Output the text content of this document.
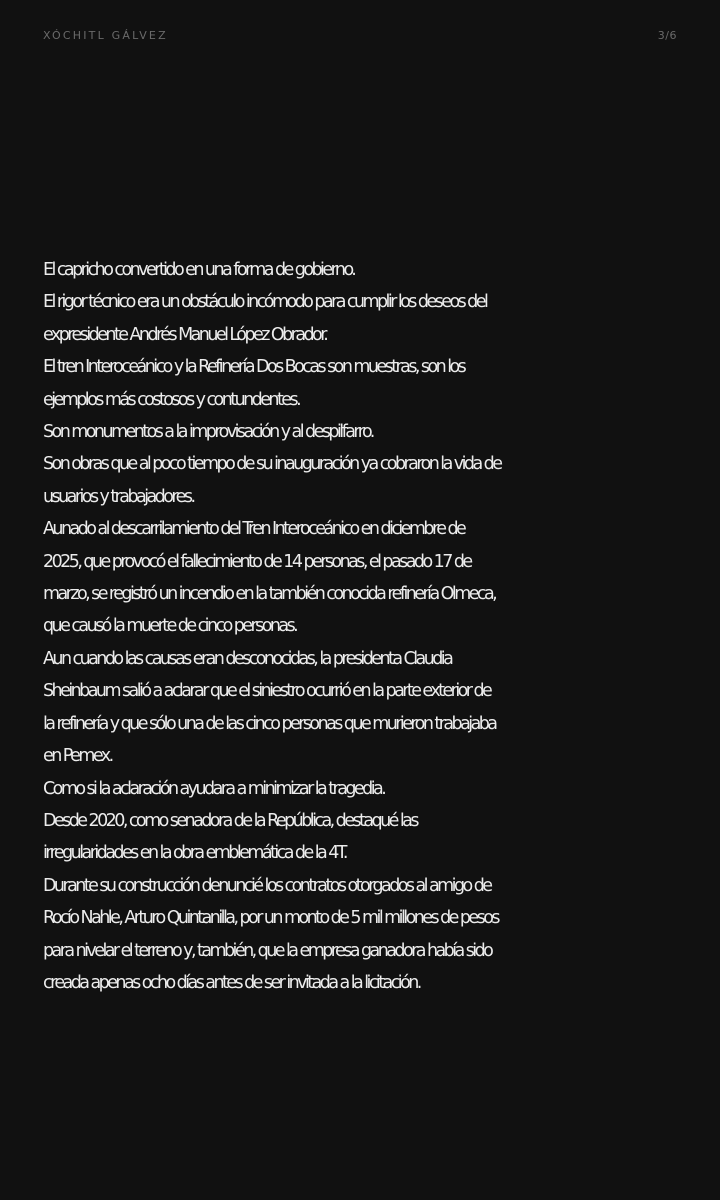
XÓCHITL GÁLVEZ	3/6

El capricho convertido en una forma de gobierno.

El rigor técnico era un obstáculo incómodo para cumplir los deseos del

expresidente Andrés Manuel López Obrador.

El tren Interoceánico y la Refinería Dos Bocas son muestras, son los

ejemplos más costosos y contundentes.

Son monumentos a la improvisación y al despilfarro.

Son obras que al poco tiempo de su inauguración ya cobraron la vida de

usuarios y trabajadores.

Aunado al descarrilamiento del Tren Interoceánico en diciembre de

2025, que provocó el fallecimiento de 14 personas, el pasado 17 de

marzo, se registró un incendio en la también conocida refinería Olmeca,

que causó la muerte de cinco personas.

Aun cuando las causas eran desconocidas, la presidenta Claudia

Sheinbaum salió a aclarar que el siniestro ocurrió en la parte exterior de

la refinería y que sólo una de las cinco personas que murieron trabajaba

en Pemex.

Como si la aclaración ayudara a minimizar la tragedia.

Desde 2020, como senadora de la República, destaqué las

irregularidades en la obra emblemática de la 4T.

Durante su construcción denuncié los contratos otorgados al amigo de

Rocío Nahle, Arturo Quintanilla, por un monto de 5 mil millones de pesos

para nivelar el terreno y, también, que la empresa ganadora había sido

creada apenas ocho días antes de ser invitada a la licitación.
